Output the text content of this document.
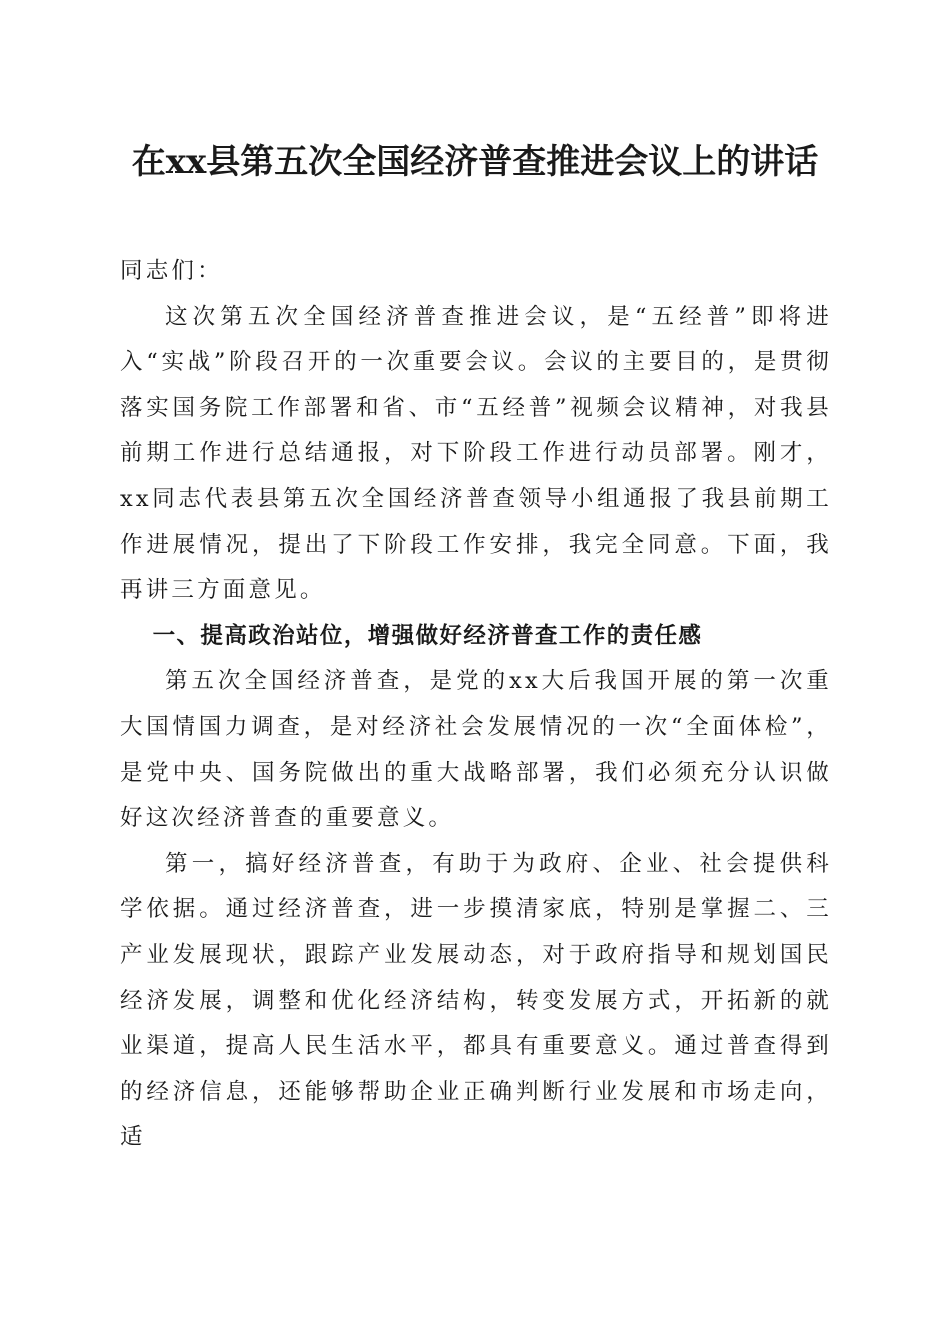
在xx县第五次全国经济普查推进会议上的讲话

同志们：

这次第五次全国经济普查推进会议，是“五经普”即将进入“实战”阶段召开的一次重要会议。会议的主要目的，是贯彻落实国务院工作部署和省、市“五经普”视频会议精神，对我县前期工作进行总结通报，对下阶段工作进行动员部署。刚才，xx同志代表县第五次全国经济普查领导小组通报了我县前期工作进展情况，提出了下阶段工作安排，我完全同意。下面，我再讲三方面意见。

一、提高政治站位，增强做好经济普查工作的责任感

第五次全国经济普查，是党的xx大后我国开展的第一次重大国情国力调查，是对经济社会发展情况的一次“全面体检”，是党中央、国务院做出的重大战略部署，我们必须充分认识做好这次经济普查的重要意义。

第一，搞好经济普查，有助于为政府、企业、社会提供科学依据。通过经济普查，进一步摸清家底，特别是掌握二、三产业发展现状，跟踪产业发展动态，对于政府指导和规划国民经济发展，调整和优化经济结构，转变发展方式，开拓新的就业渠道，提高人民生活水平，都具有重要意义。通过普查得到的经济信息，还能够帮助企业正确判断行业发展和市场走向，适
